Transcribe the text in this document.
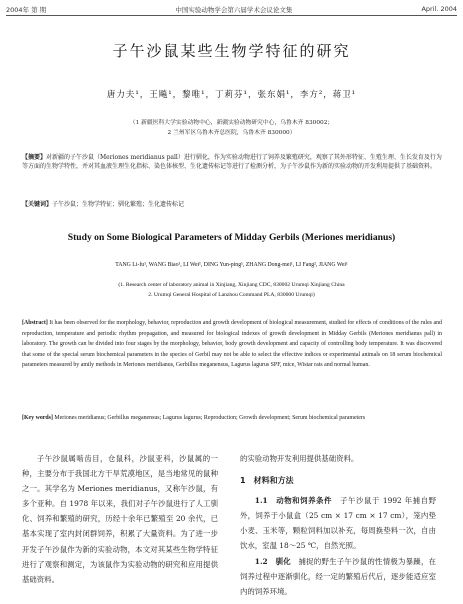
2004年 第 期	中国实验动物学会第六届学术会议论文集	April. 2004
子午沙鼠某些生物学特征的研究
唐力夫¹，王飚¹，黎唯¹，丁莉芬¹，张东娟¹，李方²，蒋卫¹
（1 新疆医科大学实验动物中心，新疆实验动物研究中心，乌鲁木齐 830002；
2 兰州军区乌鲁木齐总医院，乌鲁木齐 830000）
【摘要】对新疆的子午沙鼠（Meriones meridianus pall）进行驯化，作为实验动物进行了饲养及繁殖研究，观察了其外形特征、生殖生理、生长发育及行为等方面的生物学特性，并对其血液生理生化指标、染色体核型、生化遗传标记等进行了检测分析，为子午沙鼠作为新的实验动物的开发利用提供了基础资料。
【关键词】子午沙鼠；生物学特征；驯化繁殖；生化遗传标记
Study on Some Biological Parameters of Midday Gerbils (Meriones meridianus)
TANG Li-fu¹, WANG Biao¹, LI Wei¹, DING Yun-ping¹, ZHANG Dong-mei¹, LI Fang², JIANG Wei¹
(1. Research center of laboratory animal in Xinjiang, Xinjiang CDC, 830002 Urumqi Xinjiang China
2. Urumqi General Hospital of Lanzhou Command PLA, 830000 Urumqi)
[Abstract] It has been observed for the morphology, behavior, reproduction and growth development of biological measurement, studied for effects of conditions of the rules and reproduction, temperature and periodic rhythm propagation, and measured for biological indexes of growth development in Midday Gerbils (Meriones meridianus pall) in laboratory. The growth can be divided into four stages by the morphology, behavior, body growth development and capacity of controlling body temperature. It was discovered that some of the special serum biochemical parameters in the species of Gerbil may not be able to select the effective indices or experimental animals on 18 serum biochemical parameters measured by amily methods in Meriones meridianus, Gerbillus meganensus, Lagurus lagurus SPF, mice, Wistar rats and normal human.
[Key words] Meriones meridianus; Gerbillus meganensus; Lagurus lagurus; Reproduction; Growth development; Serum biochemical parameters

子午沙鼠属啮齿目，仓鼠科，沙鼠亚科，沙鼠属的一种，主要分布于我国北方干旱荒漠地区，是当地常见的鼠种之一。其学名为 Meriones meridianus，又称午沙鼠，有多个亚种。自 1978 年以来，我们对子午沙鼠进行了人工驯化、饲养和繁殖的研究，历经十余年已繁殖至 20 余代，已基本实现了室内封闭群饲养，积累了大量资料。为了进一步开发子午沙鼠作为新的实验动物，本文对其某些生物学特征进行了观察和测定，为该鼠作为实验动物的研究和应用提供基础资料。

的实验动物开发利用提供基础资料。
1　材料和方法

1.1　动物和饲养条件　 子午沙鼠于 1992 年捕自野外，饲养于小鼠盒（25 cm × 17 cm × 17 cm），笼内垫小麦、玉米等，颗粒饲料加以补充，每周换垫料一次，自由饮水，室温 18～25 ℃，自然光照。

1.2　驯化　 捕捉的野生子午沙鼠的性情极为暴躁，在饲养过程中逐渐驯化，经一定的繁殖后代后，逐步能适应室内的饲养环境。
